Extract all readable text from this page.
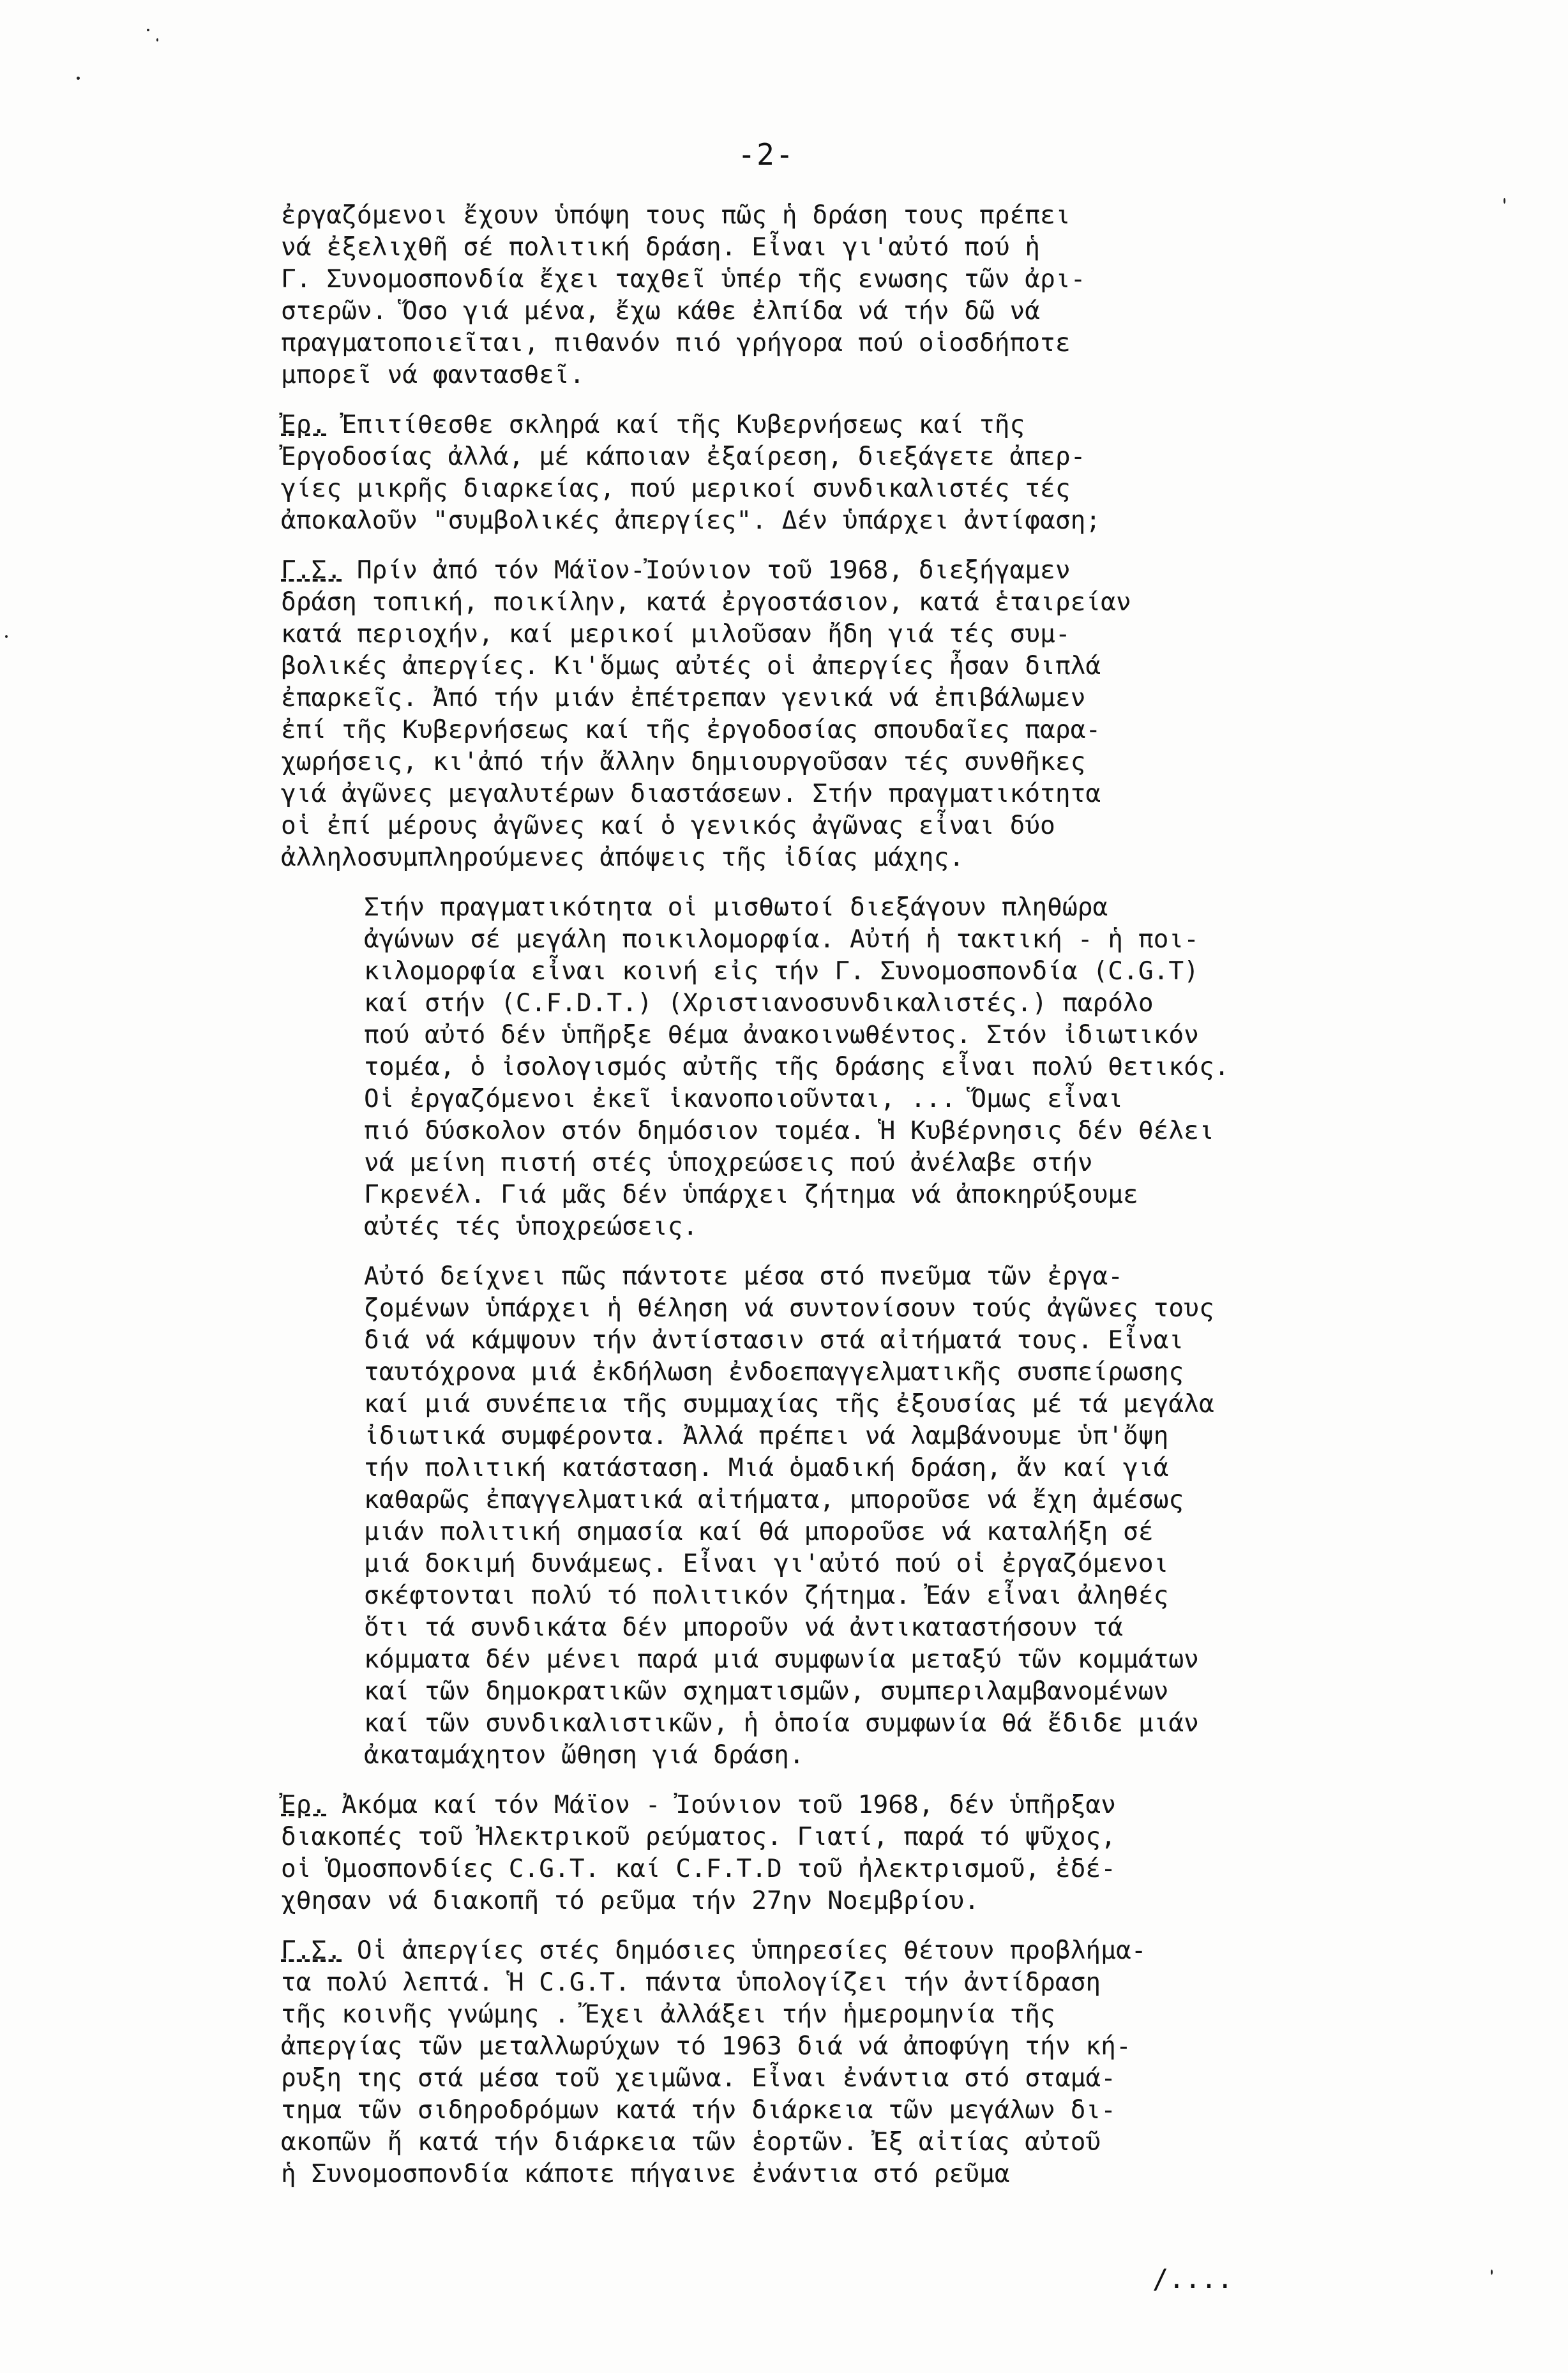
-2-
ἐργαζόμενοι ἔχουν ὑπόψη τους πῶς ἡ δράση τους πρέπει
νά ἐξελιχθῆ σέ πολιτική δράση. Εἶναι γι'αὐτό πού ἡ
Γ. Συνομοσπονδία ἔχει ταχθεῖ ὑπέρ τῆς ενωσης τῶν ἀρι-
στερῶν. Ὅσο γιά μένα, ἔχω κάθε ἐλπίδα νά τήν δῶ νά
πραγματοποιεῖται, πιθανόν πιό γρήγορα πού οἱοσδήποτε
μπορεῖ νά φαντασθεῖ.
Ἐρ. Ἐπιτίθεσθε σκληρά καί τῆς Κυβερνήσεως καί τῆς
Ἐργοδοσίας ἀλλά, μέ κάποιαν ἐξαίρεση, διεξάγετε ἀπερ-
γίες μικρῆς διαρκείας, πού μερικοί συνδικαλιστές τές
ἀποκαλοῦν "συμβολικές ἀπεργίες". Δέν ὑπάρχει ἀντίφαση;
Γ.Σ. Πρίν ἀπό τόν Μάϊον-Ἰούνιον τοῦ 1968, διεξήγαμεν
δράση τοπική, ποικίλην, κατά ἐργοστάσιον, κατά ἑταιρείαν
κατά περιοχήν, καί μερικοί μιλοῦσαν ἤδη γιά τές συμ-
βολικές ἀπεργίες. Κι'ὅμως αὐτές οἱ ἀπεργίες ἦσαν διπλά
ἐπαρκεῖς. Ἀπό τήν μιάν ἐπέτρεπαν γενικά νά ἐπιβάλωμεν
ἐπί τῆς Κυβερνήσεως καί τῆς ἐργοδοσίας σπουδαῖες παρα-
χωρήσεις, κι'ἀπό τήν ἄλλην δημιουργοῦσαν τές συνθῆκες
γιά ἀγῶνες μεγαλυτέρων διαστάσεων. Στήν πραγματικότητα
οἱ ἐπί μέρους ἀγῶνες καί ὁ γενικός ἀγῶνας εἶναι δύο
ἀλληλοσυμπληρούμενες ἀπόψεις τῆς ἰδίας μάχης.
Στήν πραγματικότητα οἱ μισθωτοί διεξάγουν πληθώρα
ἀγώνων σέ μεγάλη ποικιλομορφία. Αὐτή ἡ τακτική - ἡ ποι-
κιλομορφία εἶναι κοινή εἰς τήν Γ. Συνομοσπονδία (C.G.T)
καί στήν (C.F.D.T.) (Χριστιανοσυνδικαλιστές.) παρόλο
πού αὐτό δέν ὑπῆρξε θέμα ἀνακοινωθέντος. Στόν ἰδιωτικόν
τομέα, ὁ ἰσολογισμός αὐτῆς τῆς δράσης εἶναι πολύ θετικός.
Οἱ ἐργαζόμενοι ἐκεῖ ἱκανοποιοῦνται, ... Ὅμως εἶναι
πιό δύσκολον στόν δημόσιον τομέα. Ἡ Κυβέρνησις δέν θέλει
νά μείνη πιστή στές ὑποχρεώσεις πού ἀνέλαβε στήν
Γκρενέλ. Γιά μᾶς δέν ὑπάρχει ζήτημα νά ἀποκηρύξουμε
αὐτές τές ὑποχρεώσεις.
Αὐτό δείχνει πῶς πάντοτε μέσα στό πνεῦμα τῶν ἐργα-
ζομένων ὑπάρχει ἡ θέληση νά συντονίσουν τούς ἀγῶνες τους
διά νά κάμψουν τήν ἀντίστασιν στά αἰτήματά τους. Εἶναι
ταυτόχρονα μιά ἐκδήλωση ἐνδοεπαγγελματικῆς συσπείρωσης
καί μιά συνέπεια τῆς συμμαχίας τῆς ἐξουσίας μέ τά μεγάλα
ἰδιωτικά συμφέροντα. Ἀλλά πρέπει νά λαμβάνουμε ὑπ'ὄψη
τήν πολιτική κατάσταση. Μιά ὁμαδική δράση, ἄν καί γιά
καθαρῶς ἐπαγγελματικά αἰτήματα, μποροῦσε νά ἔχη ἀμέσως
μιάν πολιτική σημασία καί θά μποροῦσε νά καταλήξη σέ
μιά δοκιμή δυνάμεως. Εἶναι γι'αὐτό πού οἱ ἐργαζόμενοι
σκέφτονται πολύ τό πολιτικόν ζήτημα. Ἐάν εἶναι ἀληθές
ὅτι τά συνδικάτα δέν μποροῦν νά ἀντικαταστήσουν τά
κόμματα δέν μένει παρά μιά συμφωνία μεταξύ τῶν κομμάτων
καί τῶν δημοκρατικῶν σχηματισμῶν, συμπεριλαμβανομένων
καί τῶν συνδικαλιστικῶν, ἡ ὁποία συμφωνία θά ἔδιδε μιάν
ἀκαταμάχητον ὤθηση γιά δράση.
Ἐρ. Ἀκόμα καί τόν Μάϊον - Ἰούνιον τοῦ 1968, δέν ὑπῆρξαν
διακοπές τοῦ Ἠλεκτρικοῦ ρεύματος. Γιατί, παρά τό ψῦχος,
οἱ Ὁμοσπονδίες C.G.T. καί C.F.T.D τοῦ ἠλεκτρισμοῦ, ἐδέ-
χθησαν νά διακοπῆ τό ρεῦμα τήν 27ην Νοεμβρίου.
Γ.Σ. Οἱ ἀπεργίες στές δημόσιες ὑπηρεσίες θέτουν προβλήμα-
τα πολύ λεπτά. Ἡ C.G.T. πάντα ὑπολογίζει τήν ἀντίδραση
τῆς κοινῆς γνώμης . Ἔχει ἀλλάξει τήν ἡμερομηνία τῆς
ἀπεργίας τῶν μεταλλωρύχων τό 1963 διά νά ἀποφύγη τήν κή-
ρυξη της στά μέσα τοῦ χειμῶνα. Εἶναι ἐνάντια στό σταμά-
τημα τῶν σιδηροδρόμων κατά τήν διάρκεια τῶν μεγάλων δι-
ακοπῶν ἤ κατά τήν διάρκεια τῶν ἑορτῶν. Ἐξ αἰτίας αὐτοῦ
ἡ Συνομοσπονδία κάποτε πήγαινε ἐνάντια στό ρεῦμα
/....
